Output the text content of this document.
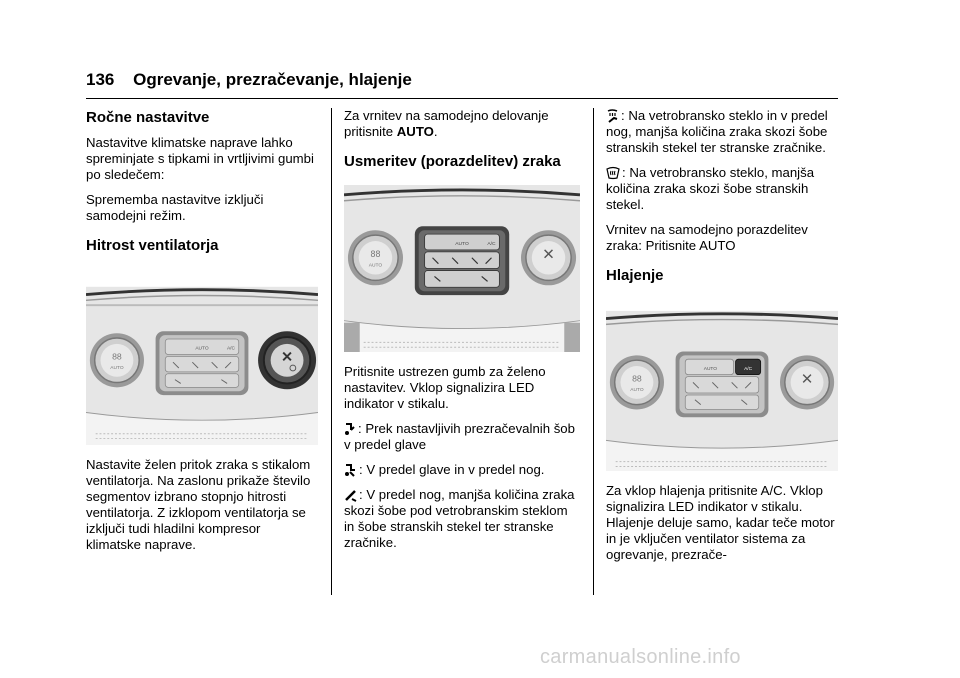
136 Ogrevanje, prezračevanje, hlajenje
Ročne nastavitve

Nastavitve klimatske naprave lahko spreminjate s tipkami in vrtljivimi gumbi po sledečem:

Sprememba nastavitve izklјuči samodejni režim.

Hitrost ventilatorja
88
AUTO
AUTO	A/C

Nastavite želen pritok zraka s stikalom ventilatorja. Na zaslonu prikaže število segmentov izbrano stopnjo hitrosti ventilatorja. Z izklopom ventilatorja se izklјuči tudi hladilni kompresor klimatske naprave.

Za vrnitev na samodejno delovanje pritisnite AUTO.

Usmeritev (porazdelitev) zraka
88
AUTO
AUTO	A/C

Pritisnite ustrezen gumb za želeno nastavitev. Vklop signalizira LED indikator v stikalu.

: Prek nastavljivih prezračevalnih šob v predel glave

: V predel glave in v predel nog.

: V predel nog, manjša količina zraka skozi šobe pod vetrobranskim steklom in šobe stranskih stekel ter stranske zračnike.

: Na vetrobransko steklo in v predel nog, manjša količina zraka skozi šobe stranskih stekel ter stranske zračnike.

: Na vetrobransko steklo, manjša količina zraka skozi šobe stranskih stekel.

Vrnitev na samodejno porazdelitev zraka: Pritisnite AUTO

Hlajenje
88
AUTO
AUTO	A/C

Za vklop hlajenja pritisnite A/C. Vklop signalizira LED indikator v stikalu. Hlajenje deluje samo, kadar teče motor in je vklјučen ventilator sistema za ogrevanje, prezrače-

carmanualsonline.info
